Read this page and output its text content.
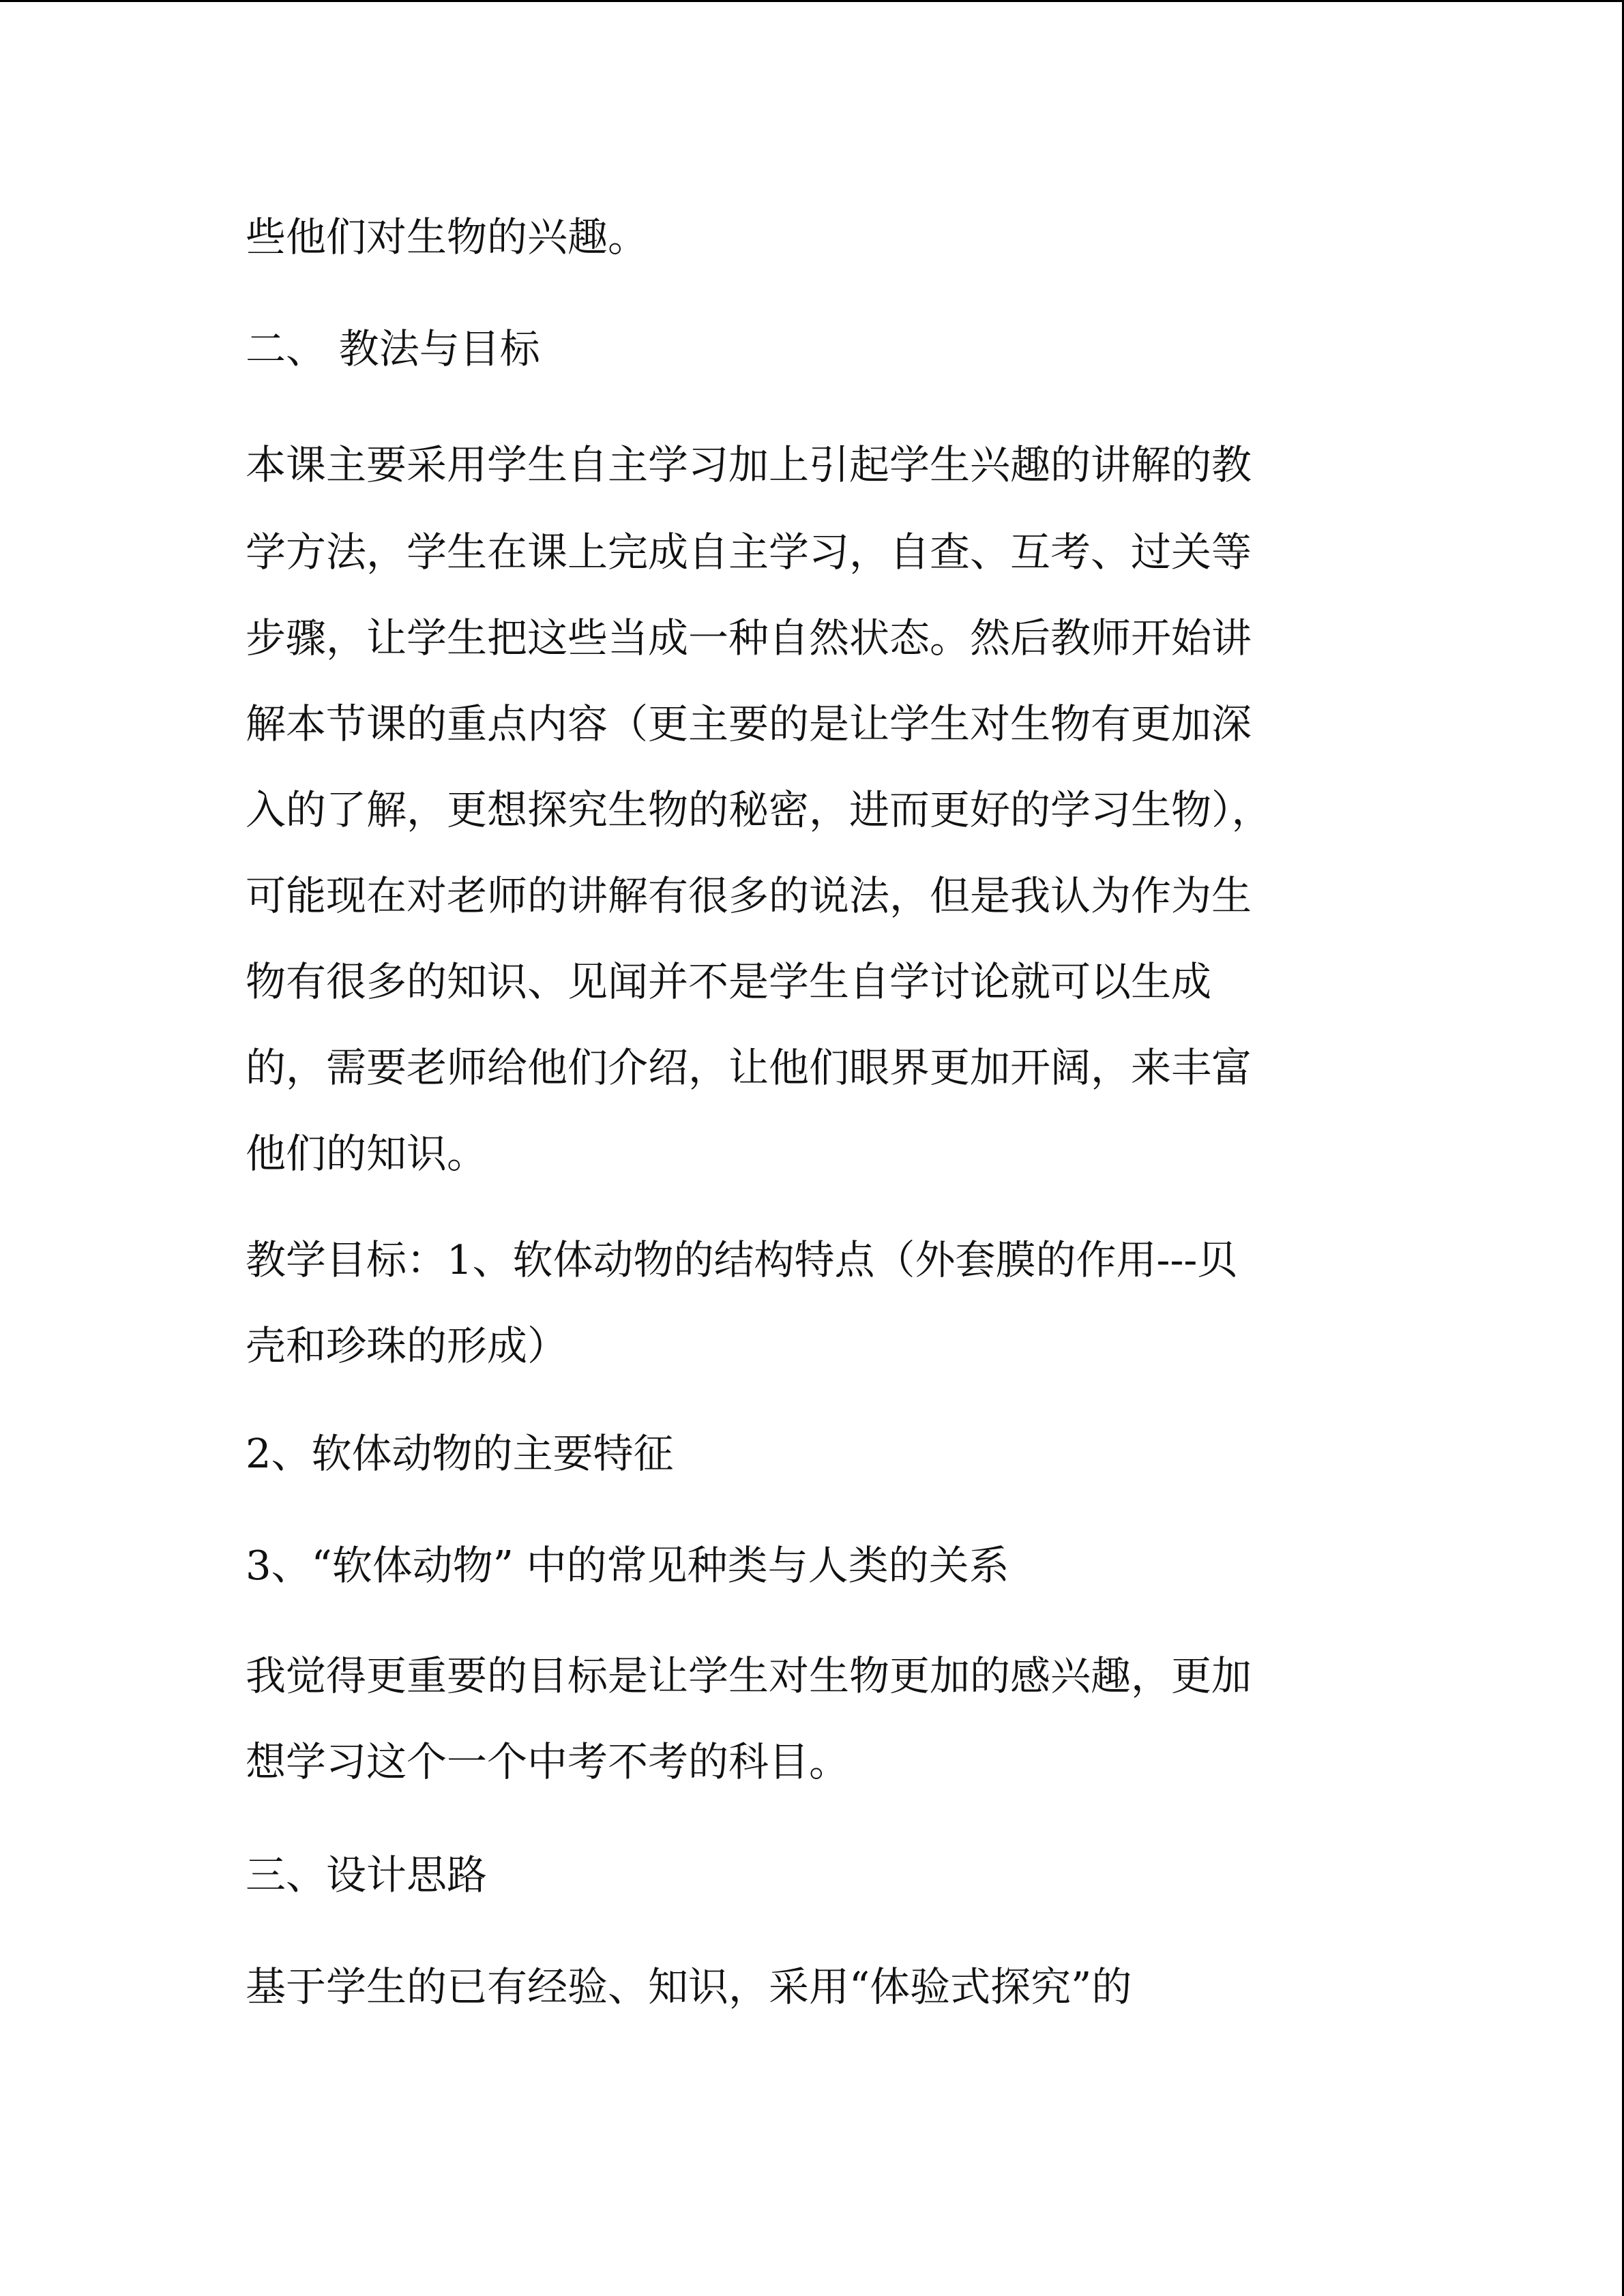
些他们对生物的兴趣。
二、 教法与目标
本课主要采用学生自主学习加上引起学生兴趣的讲解的教
学方法，学生在课上完成自主学习，自查、互考、过关等
步骤，让学生把这些当成一种自然状态。然后教师开始讲
解本节课的重点内容（更主要的是让学生对生物有更加深
入的了解，更想探究生物的秘密，进而更好的学习生物），
可能现在对老师的讲解有很多的说法，但是我认为作为生
物有很多的知识、见闻并不是学生自学讨论就可以生成
的，需要老师给他们介绍，让他们眼界更加开阔，来丰富
他们的知识。
教学目标：1、软体动物的结构特点（外套膜的作用---贝
壳和珍珠的形成）
2、软体动物的主要特征
3、“软体动物” 中的常见种类与人类的关系
我觉得更重要的目标是让学生对生物更加的感兴趣，更加
想学习这个一个中考不考的科目。
三、设计思路
基于学生的已有经验、知识，采用“体验式探究”的
